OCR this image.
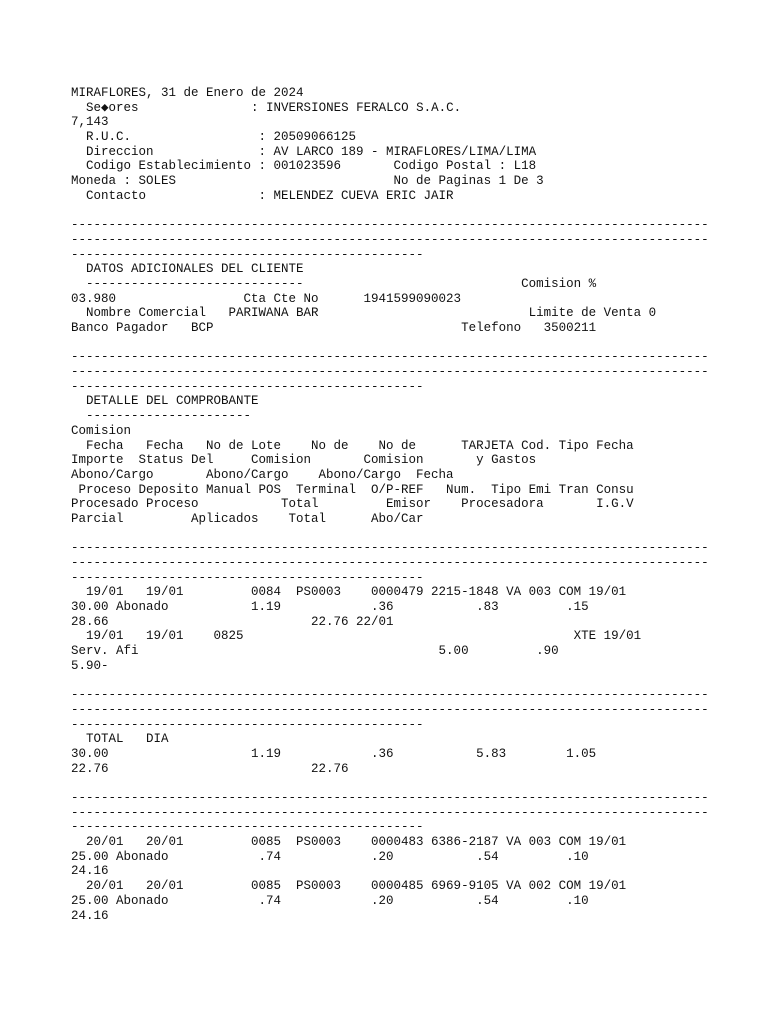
MIRAFLORES, 31 de Enero de 2024
Se◆ores               : INVERSIONES FERALCO S.A.C.
7,143
R.U.C.                 : 20509066125
Direccion              : AV LARCO 189 - MIRAFLORES/LIMA/LIMA
Codigo Establecimiento : 001023596       Codigo Postal : L18
Moneda : SOLES                             No de Paginas 1 De 3
Contacto               : MELENDEZ CUEVA ERIC JAIR
-------------------------------------------------------------------------------------
-------------------------------------------------------------------------------------
-----------------------------------------------
DATOS ADICIONALES DEL CLIENTE
-----------------------------                             Comision %
03.980                 Cta Cte No      1941599090023
Nombre Comercial   PARIWANA BAR                            Limite de Venta 0
Banco Pagador   BCP                                 Telefono   3500211
-------------------------------------------------------------------------------------
-------------------------------------------------------------------------------------
-----------------------------------------------
DETALLE DEL COMPROBANTE
----------------------
Comision
Fecha   Fecha   No de Lote    No de    No de      TARJETA Cod. Tipo Fecha
Importe  Status Del     Comision       Comision       y Gastos
Abono/Cargo       Abono/Cargo    Abono/Cargo  Fecha
Proceso Deposito Manual POS  Terminal  O/P-REF   Num.  Tipo Emi Tran Consu
Procesado Proceso           Total         Emisor    Procesadora       I.G.V
Parcial         Aplicados    Total      Abo/Car
-------------------------------------------------------------------------------------
-------------------------------------------------------------------------------------
-----------------------------------------------
19/01   19/01         0084  PS0003    0000479 2215-1848 VA 003 COM 19/01
30.00 Abonado           1.19            .36           .83         .15
28.66                           22.76 22/01
19/01   19/01    0825                                            XTE 19/01
Serv. Afi                                        5.00         .90
5.90-
-------------------------------------------------------------------------------------
-------------------------------------------------------------------------------------
-----------------------------------------------
TOTAL   DIA
30.00                   1.19            .36           5.83        1.05
22.76                           22.76
-------------------------------------------------------------------------------------
-------------------------------------------------------------------------------------
-----------------------------------------------
20/01   20/01         0085  PS0003    0000483 6386-2187 VA 003 COM 19/01
25.00 Abonado            .74            .20           .54         .10
24.16
20/01   20/01         0085  PS0003    0000485 6969-9105 VA 002 COM 19/01
25.00 Abonado            .74            .20           .54         .10
24.16
